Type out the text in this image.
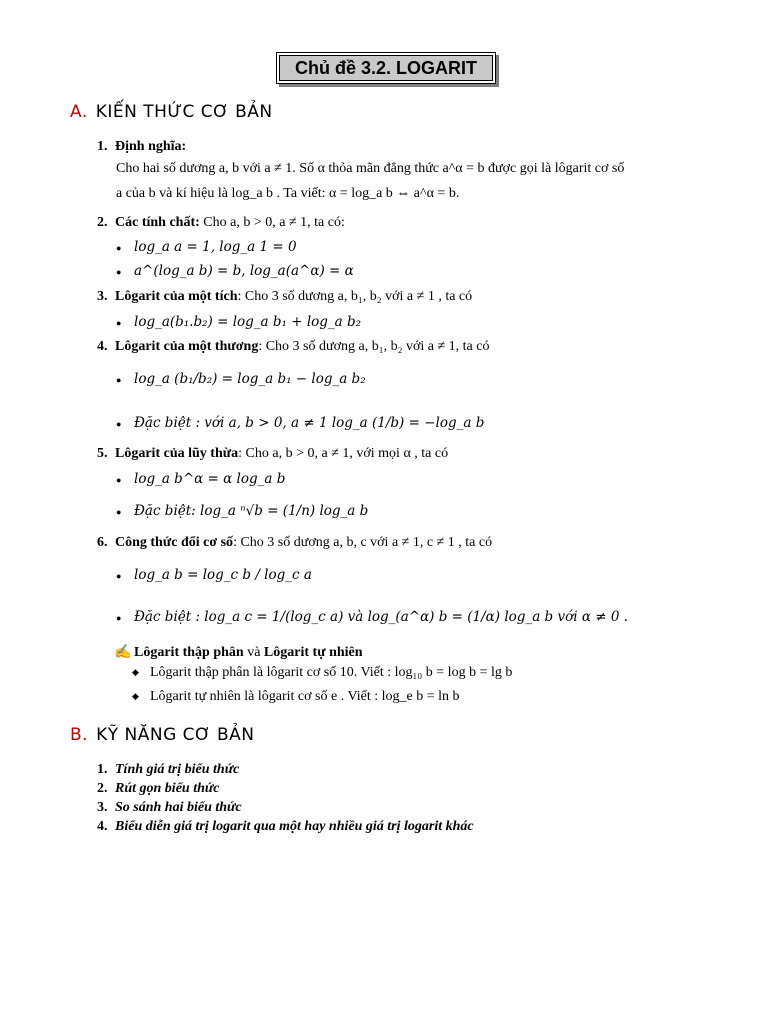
Chủ đề 3.2. LOGARIT
A. KIẾN THỨC CƠ BẢN
1. Định nghĩa:
Cho hai số dương a, b với a ≠ 1. Số α thỏa mãn đẳng thức a^α = b được gọi là lôgarit cơ số
a của b và kí hiệu là log_a b . Ta viết: α = log_a b ⇔ a^α = b.
2. Các tính chất: Cho a, b > 0, a ≠ 1, ta có:
● log_a a = 1, log_a 1 = 0
● a^(log_a b) = b, log_a(a^α) = α
3. Lôgarit của một tích: Cho 3 số dương a, b₁, b₂ với a ≠ 1 , ta có
● log_a(b₁.b₂) = log_a b₁ + log_a b₂
4. Lôgarit của một thương: Cho 3 số dương a, b₁, b₂ với a ≠ 1, ta có
● log_a (b₁/b₂) = log_a b₁ − log_a b₂
● Đặc biệt : với a, b > 0, a ≠ 1 log_a (1/b) = −log_a b
5. Lôgarit của lũy thừa: Cho a, b > 0, a ≠ 1, với mọi α , ta có
● log_a b^α = α log_a b
● Đặc biệt: log_a ⁿ√b = (1/n) log_a b
6. Công thức đổi cơ số: Cho 3 số dương a, b, c với a ≠ 1, c ≠ 1 , ta có
● log_a b = log_c b / log_c a
● Đặc biệt : log_a c = 1/(log_c a) và log_(a^α) b = (1/α) log_a b với α ≠ 0 .
✍ Lôgarit thập phân và Lôgarit tự nhiên
◆ Lôgarit thập phân là lôgarit cơ số 10. Viết : log₁₀ b = log b = lg b
◆ Lôgarit tự nhiên là lôgarit cơ số e . Viết : log_e b = ln b
B. KỸ NĂNG CƠ BẢN
1. Tính giá trị biểu thức
2. Rút gọn biểu thức
3. So sánh hai biểu thức
4. Biểu diễn giá trị logarit qua một hay nhiều giá trị logarit khác
